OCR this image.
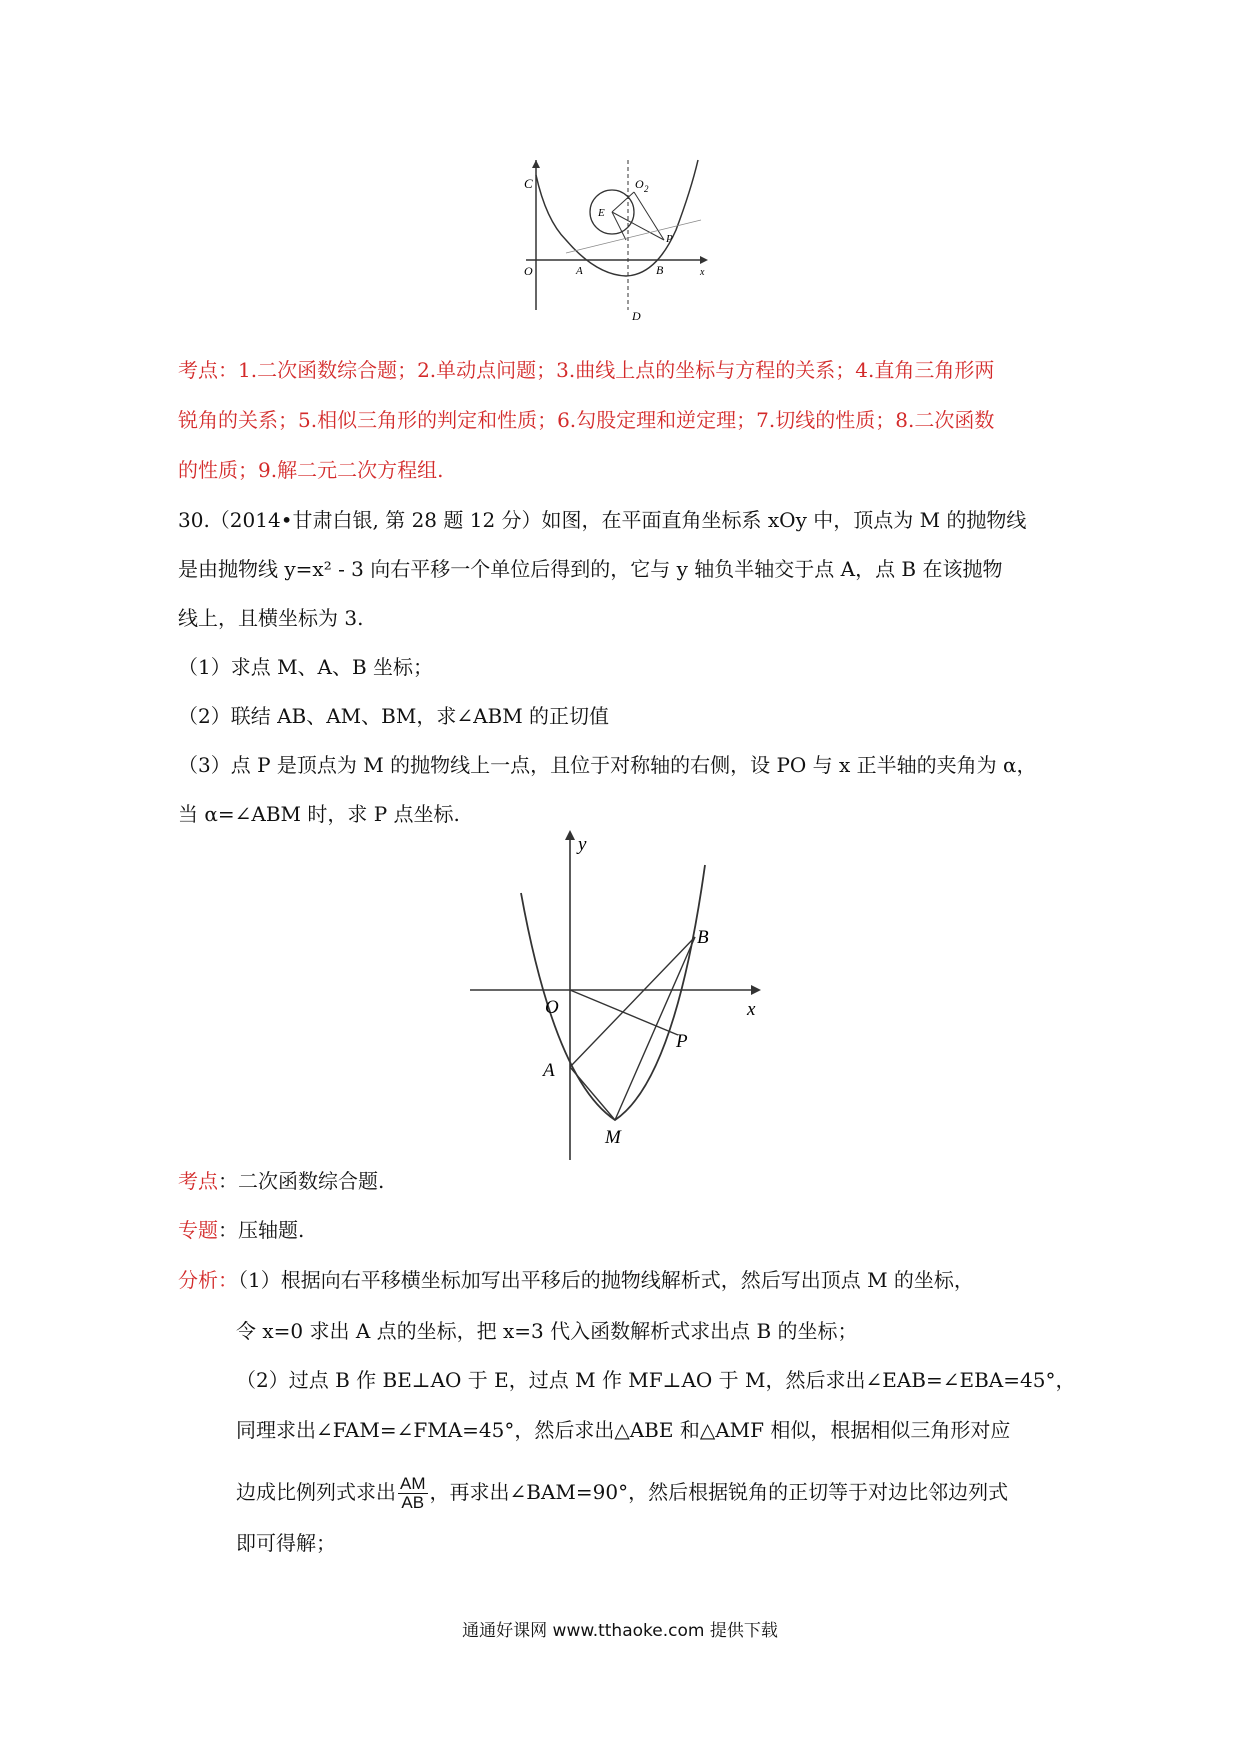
C	O 2
E
P
O	A	B	x
D
考点：1.二次函数综合题；2.单动点问题；3.曲线上点的坐标与方程的关系；4.直角三角形两
锐角的关系；5.相似三角形的判定和性质；6.勾股定理和逆定理；7.切线的性质；8.二次函数
的性质；9.解二元二次方程组.
30.（2014•甘肃白银, 第 28 题 12 分）如图，在平面直角坐标系 xOy 中，顶点为 M 的抛物线
是由抛物线 y=x² - 3 向右平移一个单位后得到的，它与 y 轴负半轴交于点 A，点 B 在该抛物
线上，且横坐标为 3.
（1）求点 M、A、B 坐标；
（2）联结 AB、AM、BM，求∠ABM 的正切值
（3）点 P 是顶点为 M 的抛物线上一点，且位于对称轴的右侧，设 PO 与 x 正半轴的夹角为 α，
当 α=∠ABM 时，求 P 点坐标.
y
x
O
A
B
P
M
考点：二次函数综合题.
专题：压轴题.
分析：（1）根据向右平移横坐标加写出平移后的抛物线解析式，然后写出顶点 M 的坐标，
令 x=0 求出 A 点的坐标，把 x=3 代入函数解析式求出点 B 的坐标；
（2）过点 B 作 BE⊥AO 于 E，过点 M 作 MF⊥AO 于 M，然后求出∠EAB=∠EBA=45°，
同理求出∠FAM=∠FMA=45°，然后求出△ABE 和△AMF 相似，根据相似三角形对应
边成比例列式求出 $\frac{AM}{AB}$ ，再求出∠BAM=90°，然后根据锐角的正切等于对边比邻边列式
即可得解；
通通好课网 www.tthaoke.com 提供下载
